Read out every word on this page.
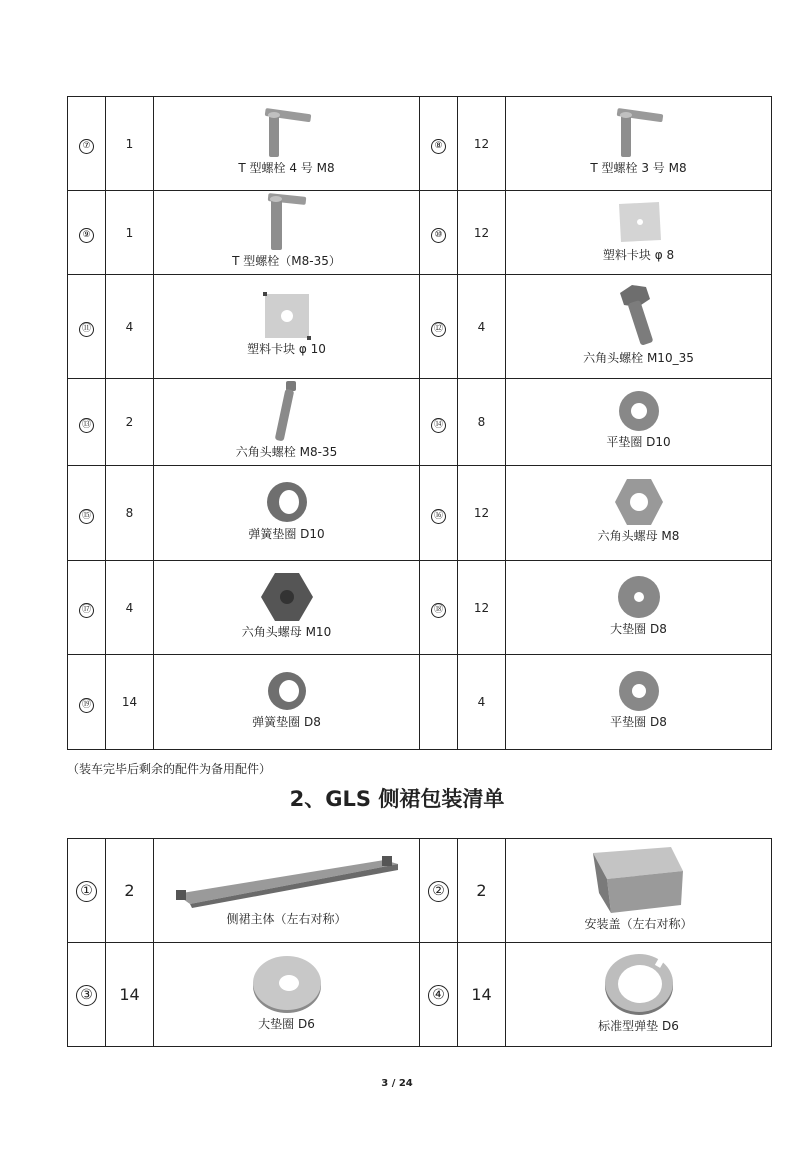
⑦	1	T 型螺栓 4 号 M8	⑧	12	T 型螺栓 3 号 M8

⑨	1	T 型螺栓（M8-35）	⑩	12	塑料卡块 φ 8

⑪	4	塑料卡块 φ 10	⑫	4	六角头螺栓 M10_35

⑬	2	六角头螺栓 M8-35	⑭	8	平垫圈 D10

⑮	8	弹簧垫圈 D10	⑯	12	六角头螺母 M8

⑰	4	六角头螺母 M10	⑱	12	大垫圈 D8

⑲	14	弹簧垫圈 D8		4	平垫圈 D8
（装车完毕后剩余的配件为备用配件）
2、GLS 侧裙包装清单
①	2	侧裙主体（左右对称）	②	2	安装盖（左右对称）

③	14	大垫圈 D6	④	14	标准型弹垫 D6
3 / 24
